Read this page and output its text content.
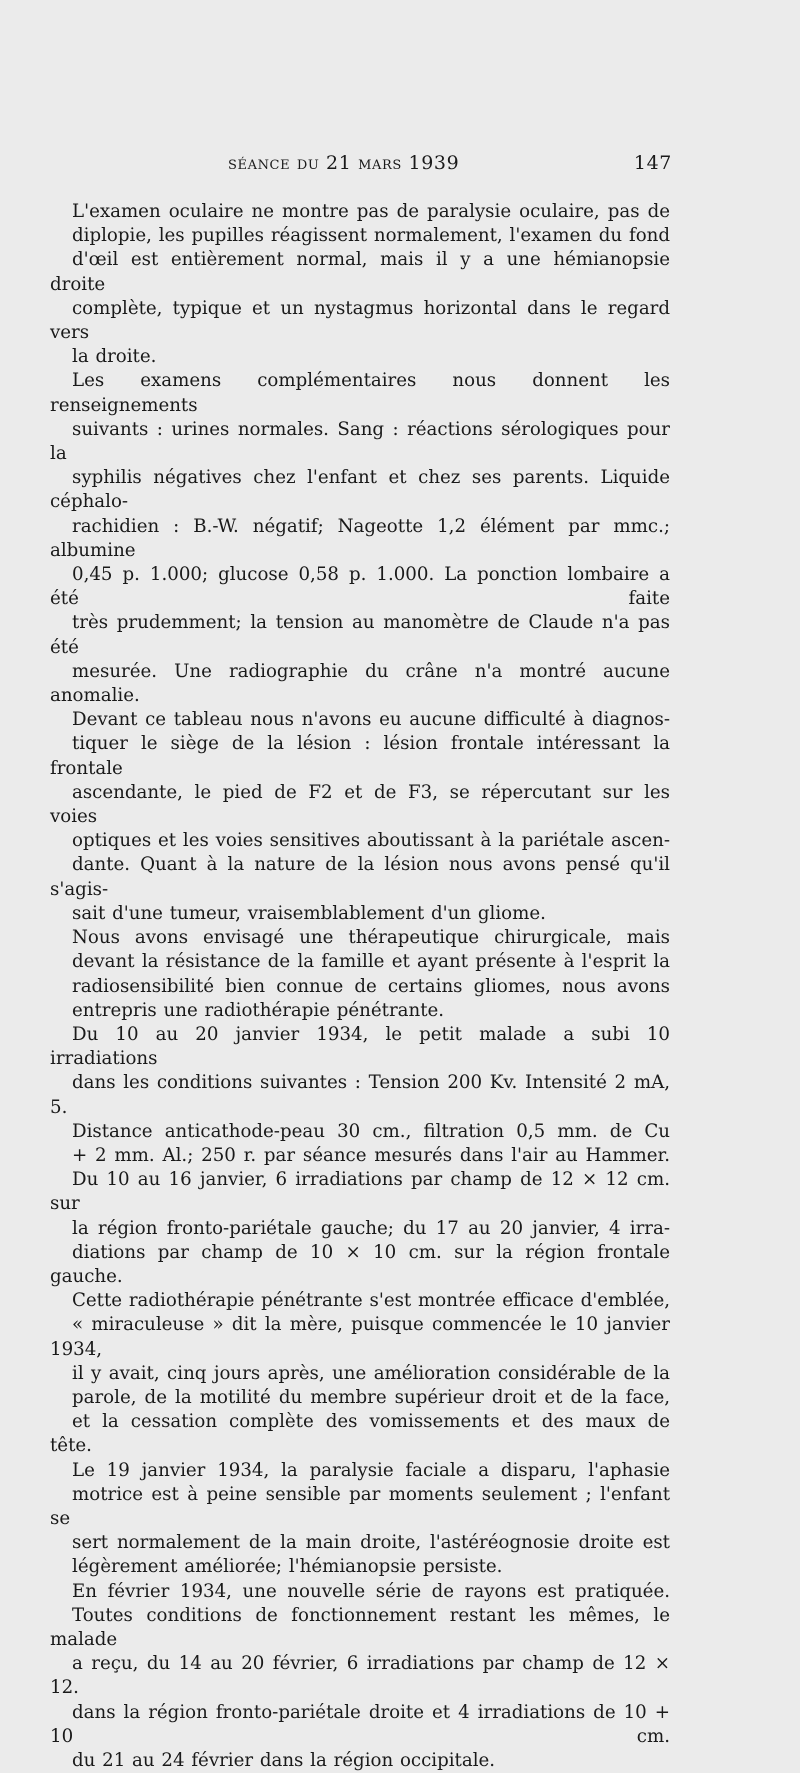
séance du 21 mars 1939	147

L'examen oculaire ne montre pas de paralysie oculaire, pas de
diplopie, les pupilles réagissent normalement, l'examen du fond
d'œil est entièrement normal, mais il y a une hémianopsie droite
complète, typique et un nystagmus horizontal dans le regard vers
la droite.

Les examens complémentaires nous donnent les renseignements
suivants : urines normales. Sang : réactions sérologiques pour la
syphilis négatives chez l'enfant et chez ses parents. Liquide céphalo-
rachidien : B.-W. négatif; Nageotte 1,2 élément par mmc.; albumine
0,45 p. 1.000; glucose 0,58 p. 1.000. La ponction lombaire a été faite
très prudemment; la tension au manomètre de Claude n'a pas été
mesurée. Une radiographie du crâne n'a montré aucune anomalie.

Devant ce tableau nous n'avons eu aucune difficulté à diagnos-
tiquer le siège de la lésion : lésion frontale intéressant la frontale
ascendante, le pied de F2 et de F3, se répercutant sur les voies
optiques et les voies sensitives aboutissant à la pariétale ascen-
dante. Quant à la nature de la lésion nous avons pensé qu'il s'agis-
sait d'une tumeur, vraisemblablement d'un gliome.

Nous avons envisagé une thérapeutique chirurgicale, mais
devant la résistance de la famille et ayant présente à l'esprit la
radiosensibilité bien connue de certains gliomes, nous avons
entrepris une radiothérapie pénétrante.

Du 10 au 20 janvier 1934, le petit malade a subi 10 irradiations
dans les conditions suivantes : Tension 200 Kv. Intensité 2 mA, 5.
Distance anticathode-peau 30 cm., filtration 0,5 mm. de Cu
+ 2 mm. Al.; 250 r. par séance mesurés dans l'air au Hammer.
Du 10 au 16 janvier, 6 irradiations par champ de 12 × 12 cm. sur
la région fronto-pariétale gauche; du 17 au 20 janvier, 4 irra-
diations par champ de 10 × 10 cm. sur la région frontale gauche.

Cette radiothérapie pénétrante s'est montrée efficace d'emblée,
« miraculeuse » dit la mère, puisque commencée le 10 janvier 1934,
il y avait, cinq jours après, une amélioration considérable de la
parole, de la motilité du membre supérieur droit et de la face,
et la cessation complète des vomissements et des maux de tête.

Le 19 janvier 1934, la paralysie faciale a disparu, l'aphasie
motrice est à peine sensible par moments seulement ; l'enfant se
sert normalement de la main droite, l'astéréognosie droite est
légèrement améliorée; l'hémianopsie persiste.

En février 1934, une nouvelle série de rayons est pratiquée.
Toutes conditions de fonctionnement restant les mêmes, le malade
a reçu, du 14 au 20 février, 6 irradiations par champ de 12 × 12.
dans la région fronto-pariétale droite et 4 irradiations de 10 + 10 cm.
du 21 au 24 février dans la région occipitale.
